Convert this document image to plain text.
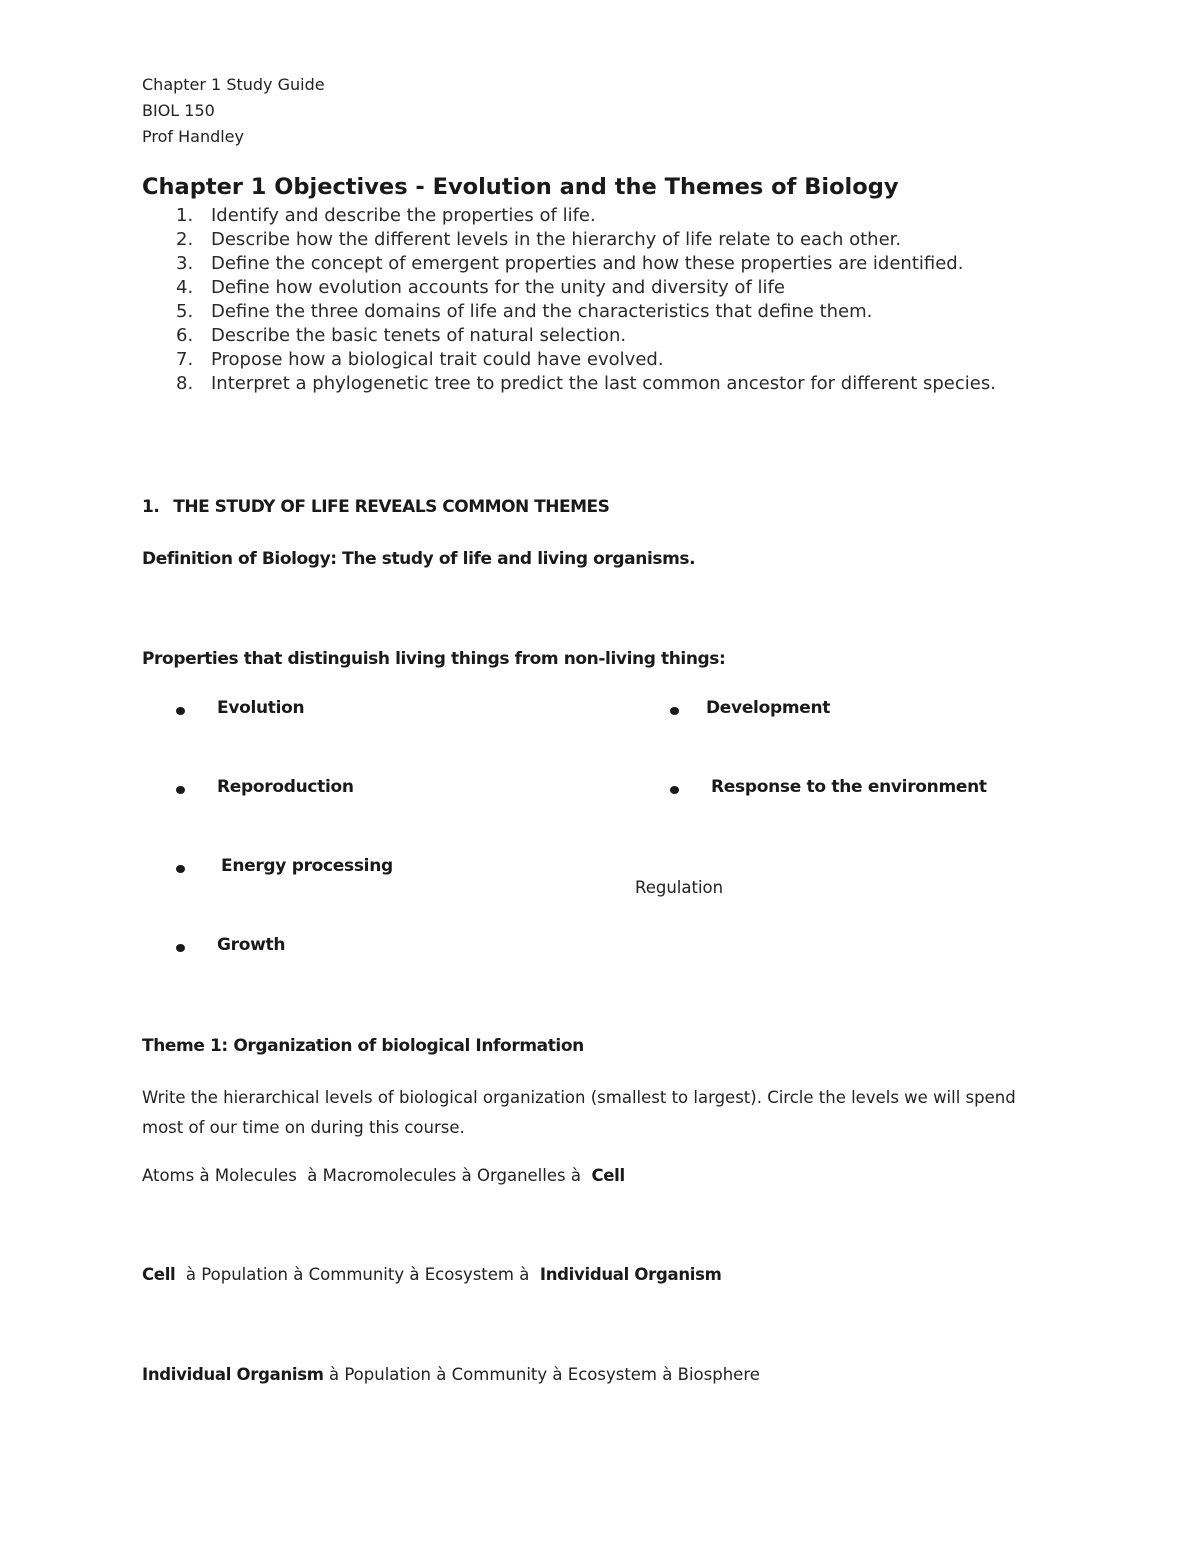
Chapter 1 Study Guide
BIOL 150
Prof Handley
Chapter 1 Objectives - Evolution and the Themes of Biology
1. Identify and describe the properties of life.
2. Describe how the different levels in the hierarchy of life relate to each other.
3. Define the concept of emergent properties and how these properties are identified.
4. Define how evolution accounts for the unity and diversity of life
5. Define the three domains of life and the characteristics that define them.
6. Describe the basic tenets of natural selection.
7. Propose how a biological trait could have evolved.
8. Interpret a phylogenetic tree to predict the last common ancestor for different species.
1. THE STUDY OF LIFE REVEALS COMMON THEMES
Definition of Biology: The study of life and living organisms.
Properties that distinguish living things from non-living things:
Evolution
Reporoduction
Energy processing
Growth
Development
Response to the environment
Regulation
Theme 1: Organization of biological Information
Write the hierarchical levels of biological organization (smallest to largest). Circle the levels we will spend most of our time on during this course.
Atoms à Molecules à Macromolecules à Organelles à Cell
Cell à Population à Community à Ecosystem à Individual Organism
Individual Organism à Population à Community à Ecosystem à Biosphere
